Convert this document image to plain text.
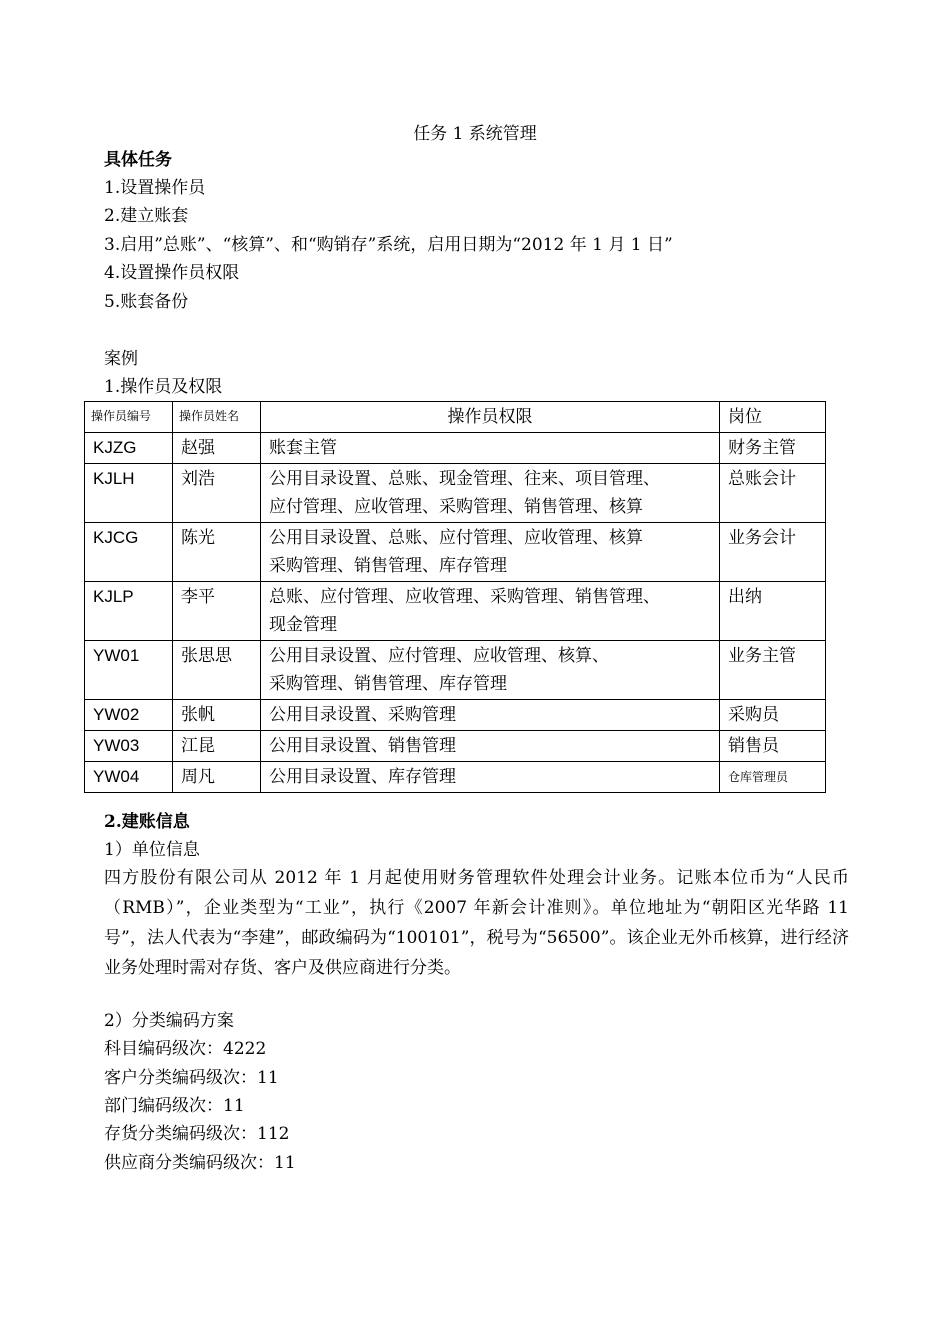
任务 1 系统管理
具体任务
1.设置操作员
2.建立账套
3.启用”总账”、“核算”、和“购销存”系统，启用日期为“2012 年 1 月 1 日”
4.设置操作员权限
5.账套备份
案例
1.操作员及权限
操作员编号	操作员姓名	操作员权限	岗位
KJZG	赵强	账套主管	财务主管
KJLH	刘浩	公用目录设置、总账、现金管理、往来、项目管理、
应付管理、应收管理、采购管理、销售管理、核算	总账会计
KJCG	陈光	公用目录设置、总账、应付管理、应收管理、核算
采购管理、销售管理、库存管理	业务会计
KJLP	李平	总账、应付管理、应收管理、采购管理、销售管理、
现金管理	出纳
YW01	张思思	公用目录设置、应付管理、应收管理、核算、
采购管理、销售管理、库存管理	业务主管
YW02	张帆	公用目录设置、采购管理	采购员
YW03	江昆	公用目录设置、销售管理	销售员
YW04	周凡	公用目录设置、库存管理	仓库管理员
2.建账信息
1）单位信息
四方股份有限公司从 2012 年 1 月起使用财务管理软件处理会计业务。记账本位币为“人民币（RMB）”，企业类型为“工业”，执行《2007 年新会计准则》。单位地址为“朝阳区光华路 11 号”，法人代表为“李建”，邮政编码为“100101”，税号为“56500”。该企业无外币核算，进行经济业务处理时需对存货、客户及供应商进行分类。
2）分类编码方案
科目编码级次：4222
客户分类编码级次：11
部门编码级次：11
存货分类编码级次：112
供应商分类编码级次：11
